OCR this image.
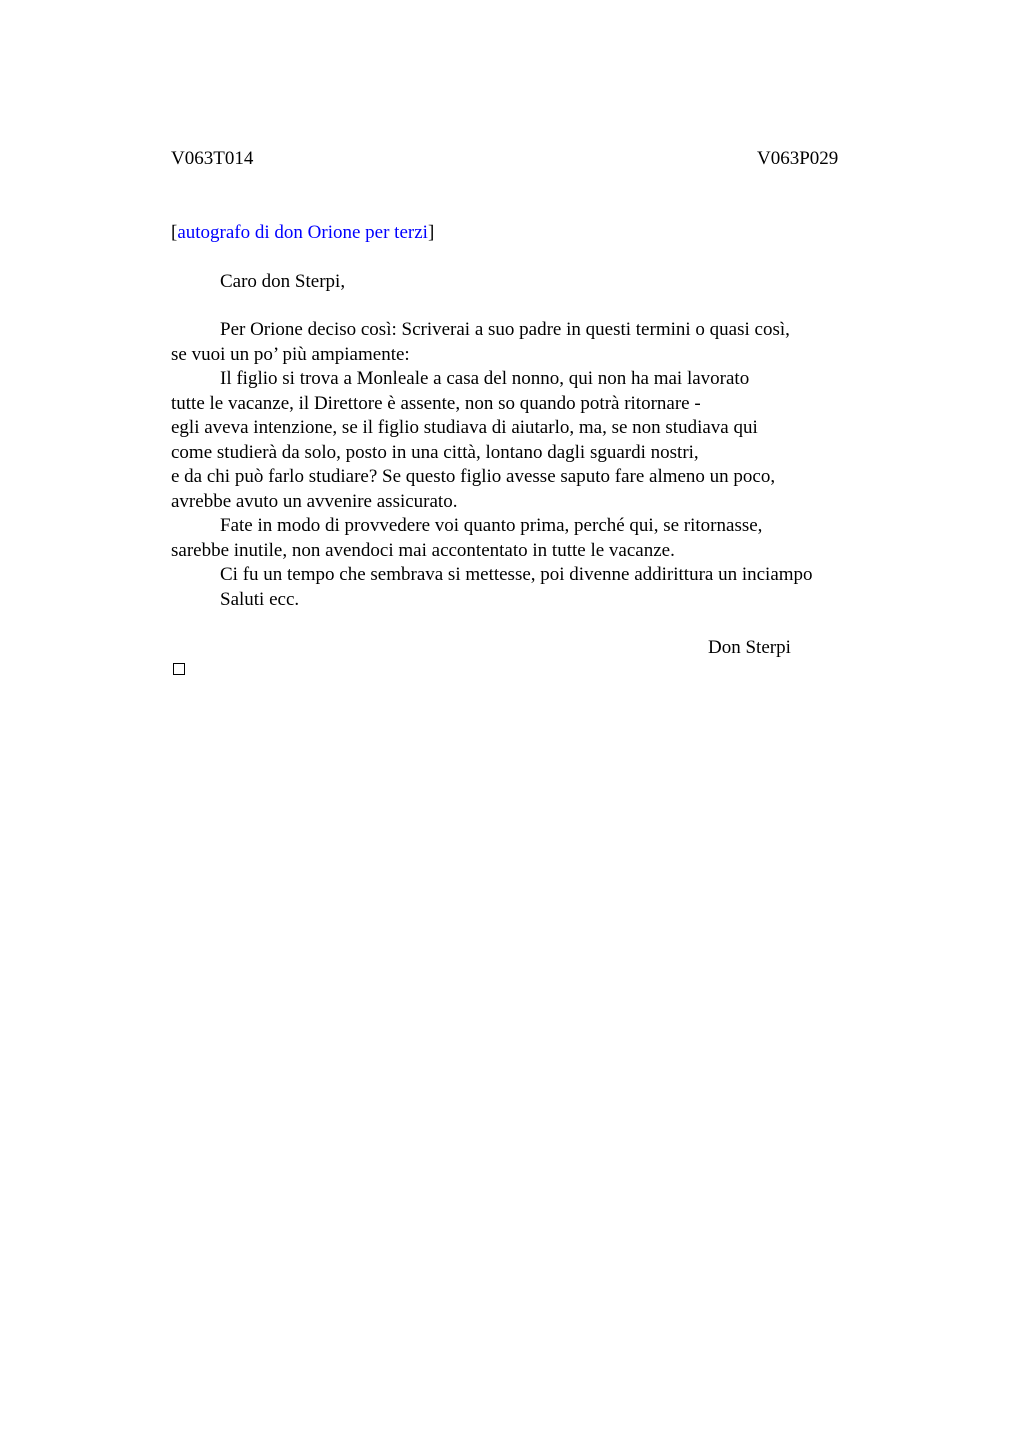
V063T014	V063P029
[autografo di don Orione per terzi]
Caro don Sterpi,
Per Orione deciso così: Scriverai a suo padre in questi termini o quasi così,
se vuoi un po’ più ampiamente:
Il figlio si trova a Monleale a casa del nonno, qui non ha mai lavorato
tutte le vacanze, il Direttore è assente, non so quando potrà ritornare -
egli aveva intenzione, se il figlio studiava di aiutarlo, ma, se non studiava qui
come studierà da solo, posto in una città, lontano dagli sguardi nostri,
e da chi può farlo studiare? Se questo figlio avesse saputo fare almeno un poco,
avrebbe avuto un avvenire assicurato.
Fate in modo di provvedere voi quanto prima, perché qui, se ritornasse,
sarebbe inutile, non avendoci mai accontentato in tutte le vacanze.
Ci fu un tempo che sembrava si mettesse, poi divenne addirittura un inciampo
Saluti ecc.
Don Sterpi
